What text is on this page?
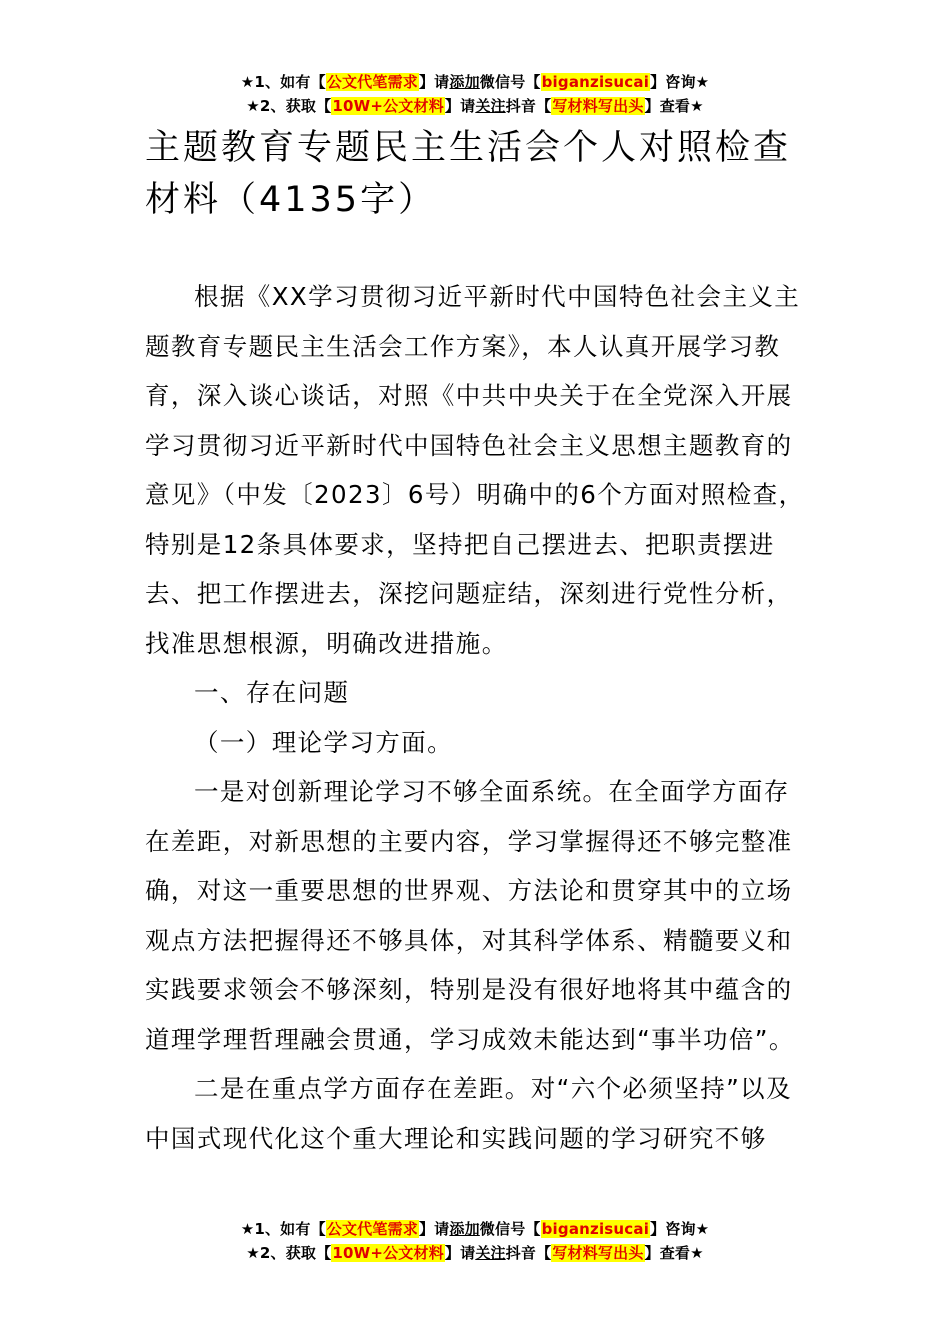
★1、如有【公文代笔需求】请添加微信号【biganzisucai】咨询★
★2、获取【10W+公文材料】请关注抖音【写材料写出头】查看★
主题教育专题民主生活会个人对照检查材料（4135字）

根据《XX学习贯彻习近平新时代中国特色社会主义主题教育专题民主生活会工作方案》，本人认真开展学习教育，深入谈心谈话，对照《中共中央关于在全党深入开展学习贯彻习近平新时代中国特色社会主义思想主题教育的意见》（中发〔2023〕6号）明确中的6个方面对照检查，特别是12条具体要求，坚持把自己摆进去、把职责摆进去、把工作摆进去，深挖问题症结，深刻进行党性分析，找准思想根源，明确改进措施。

一、存在问题

（一）理论学习方面。

一是对创新理论学习不够全面系统。在全面学方面存在差距，对新思想的主要内容，学习掌握得还不够完整准确，对这一重要思想的世界观、方法论和贯穿其中的立场观点方法把握得还不够具体，对其科学体系、精髓要义和实践要求领会不够深刻，特别是没有很好地将其中蕴含的道理学理哲理融会贯通，学习成效未能达到“事半功倍”。

二是在重点学方面存在差距。对“六个必须坚持”以及中国式现代化这个重大理论和实践问题的学习研究不够

★1、如有【公文代笔需求】请添加微信号【biganzisucai】咨询★
★2、获取【10W+公文材料】请关注抖音【写材料写出头】查看★
